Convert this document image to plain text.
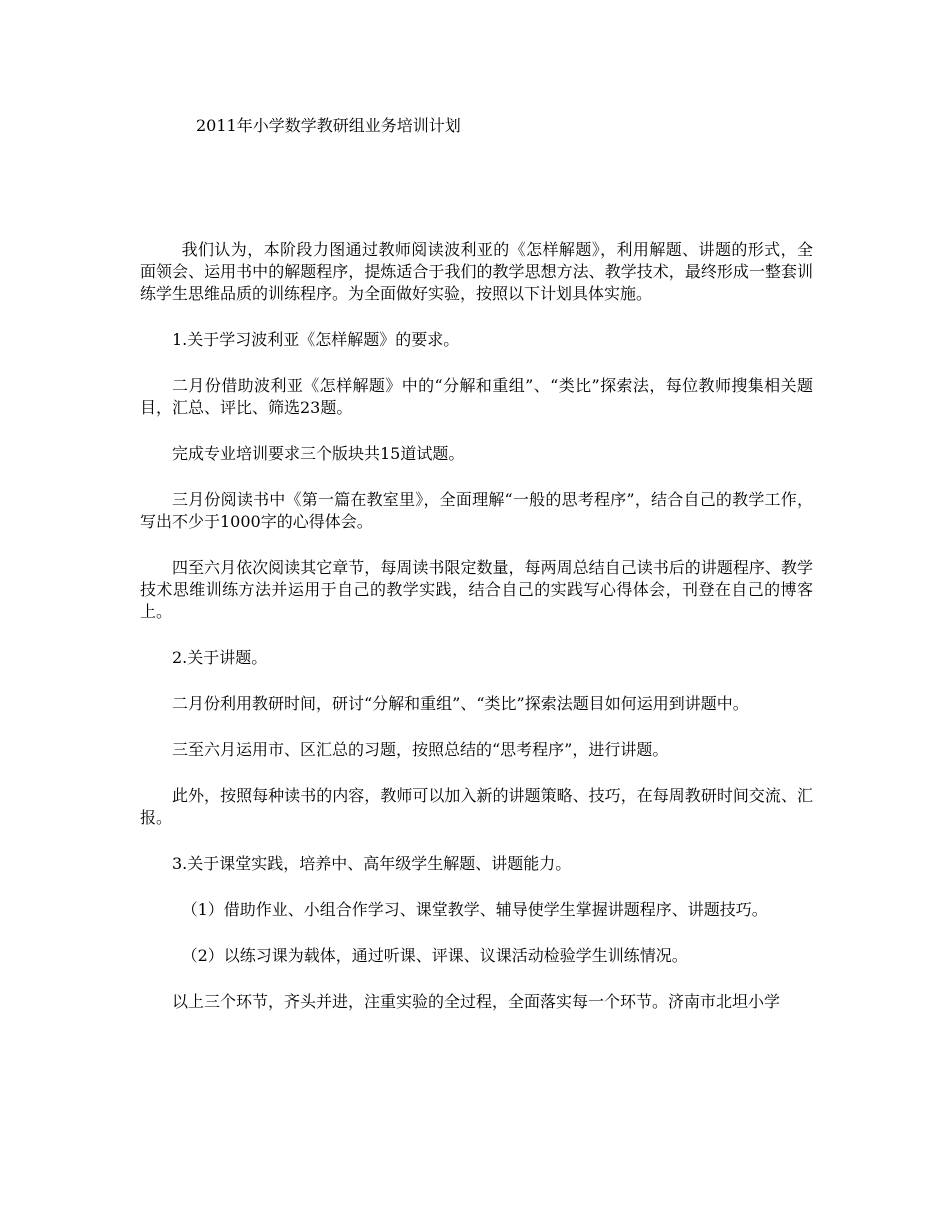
2011年小学数学教研组业务培训计划

我们认为，本阶段力图通过教师阅读波利亚的《怎样解题》，利用解题、讲题的形式，全面领会、运用书中的解题程序，提炼适合于我们的教学思想方法、教学技术，最终形成一整套训练学生思维品质的训练程序。为全面做好实验，按照以下计划具体实施。

1.关于学习波利亚《怎样解题》的要求。

二月份借助波利亚《怎样解题》中的“分解和重组”、“类比”探索法，每位教师搜集相关题目，汇总、评比、筛选23题。

完成专业培训要求三个版块共15道试题。

三月份阅读书中《第一篇在教室里》，全面理解“一般的思考程序”，结合自己的教学工作，写出不少于1000字的心得体会。

四至六月依次阅读其它章节，每周读书限定数量，每两周总结自己读书后的讲题程序、教学技术思维训练方法并运用于自己的教学实践，结合自己的实践写心得体会，刊登在自己的博客上。

2.关于讲题。

二月份利用教研时间，研讨“分解和重组”、“类比”探索法题目如何运用到讲题中。

三至六月运用市、区汇总的习题，按照总结的“思考程序”，进行讲题。

此外，按照每种读书的内容，教师可以加入新的讲题策略、技巧，在每周教研时间交流、汇报。

3.关于课堂实践，培养中、高年级学生解题、讲题能力。

（1）借助作业、小组合作学习、课堂教学、辅导使学生掌握讲题程序、讲题技巧。

（2）以练习课为载体，通过听课、评课、议课活动检验学生训练情况。

以上三个环节，齐头并进，注重实验的全过程，全面落实每一个环节。济南市北坦小学
